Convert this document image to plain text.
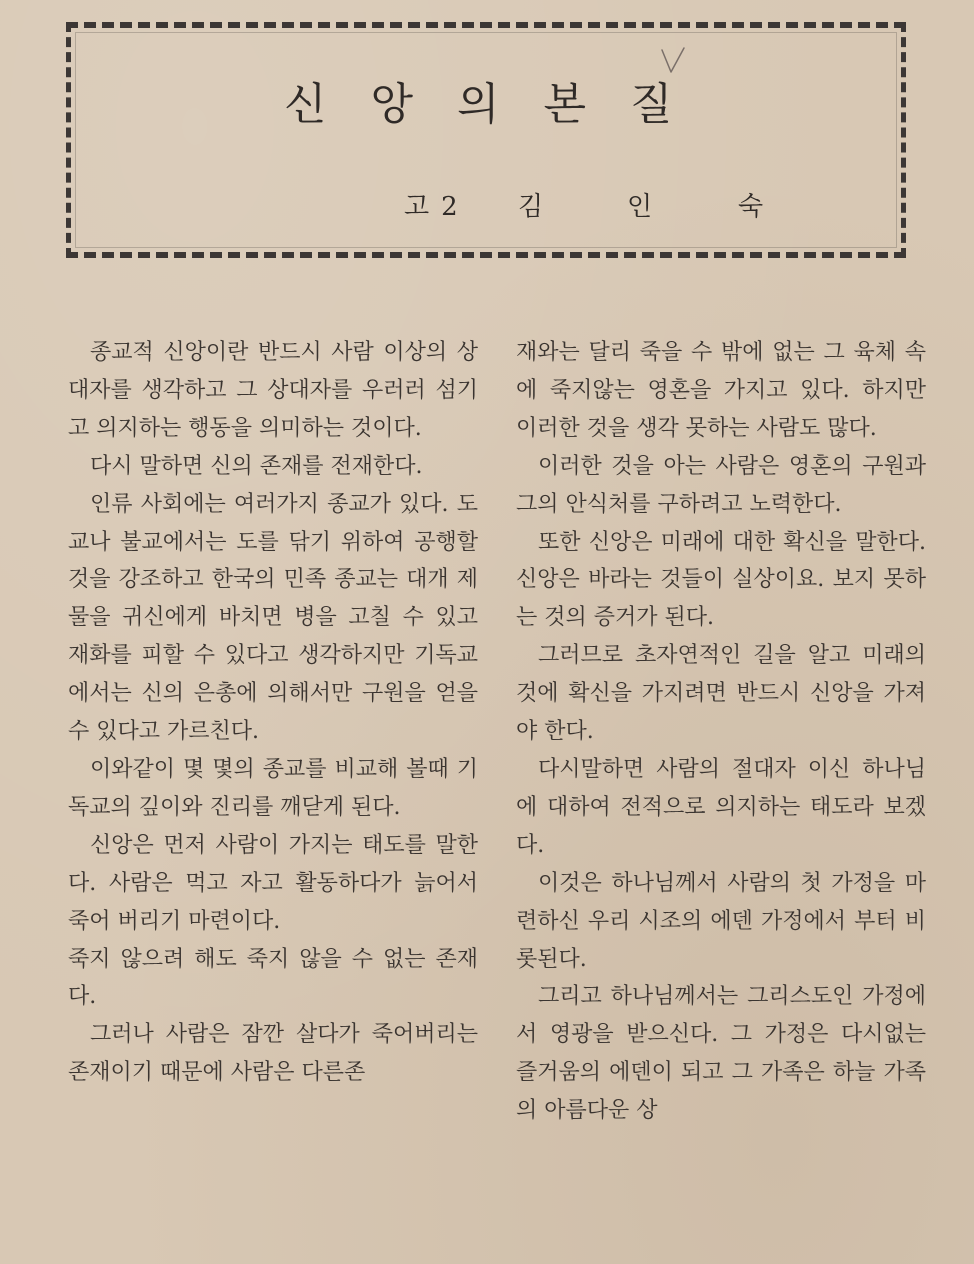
신앙의본질
고2 김	인	숙

종교적 신앙이란 반드시 사람 이상의 상대자를 생각하고 그 상대자를 우러러 섬기고 의지하는 행동을 의미하는 것이다.

다시 말하면 신의 존재를 전재한다.

인류 사회에는 여러가지 종교가 있다. 도교나 불교에서는 도를 닦기 위하여 공행할 것을 강조하고 한국의 민족 종교는 대개 제물을 귀신에게 바치면 병을 고칠 수 있고 재화를 피할 수 있다고 생각하지만 기독교에서는 신의 은총에 의해서만 구원을 얻을 수 있다고 가르친다.

이와같이 몇 몇의 종교를 비교해 볼때 기독교의 깊이와 진리를 깨닫게 된다.

신앙은 먼저 사람이 가지는 태도를 말한다. 사람은 먹고 자고 활동하다가 늙어서 죽어 버리기 마련이다.

죽지 않으려 해도 죽지 않을 수 없는 존재다.

그러나 사람은 잠깐 살다가 죽어버리는 존재이기 때문에 사람은 다른존

재와는 달리 죽을 수 밖에 없는 그 육체 속에 죽지않는 영혼을 가지고 있다. 하지만 이러한 것을 생각 못하는 사람도 많다.

이러한 것을 아는 사람은 영혼의 구원과 그의 안식처를 구하려고 노력한다.

또한 신앙은 미래에 대한 확신을 말한다. 신앙은 바라는 것들이 실상이요. 보지 못하는 것의 증거가 된다.

그러므로 초자연적인 길을 알고 미래의 것에 확신을 가지려면 반드시 신앙을 가져야 한다.

다시말하면 사람의 절대자 이신 하나님에 대하여 전적으로 의지하는 태도라 보겠다.

이것은 하나님께서 사람의 첫 가정을 마련하신 우리 시조의 에덴 가정에서 부터 비롯된다.

그리고 하나님께서는 그리스도인 가정에서 영광을 받으신다. 그 가정은 다시없는 즐거움의 에덴이 되고 그 가족은 하늘 가족의 아름다운 상
